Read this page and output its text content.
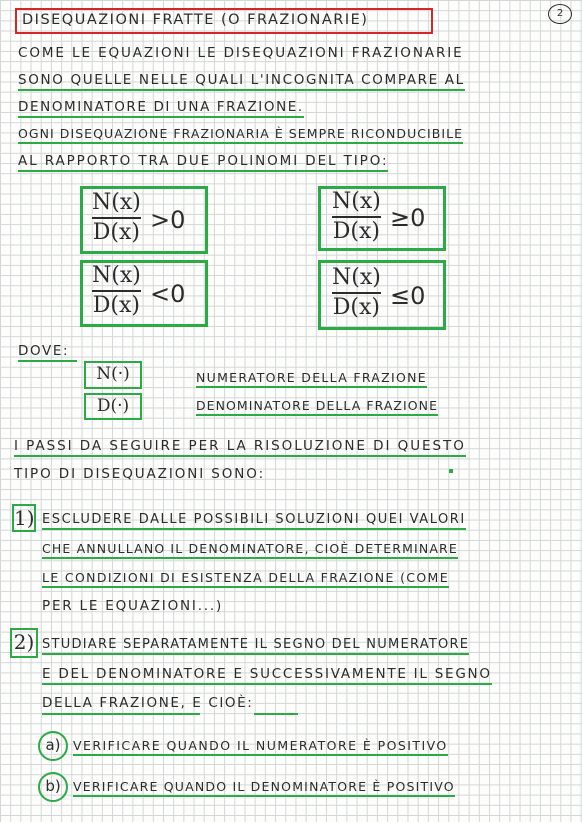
2
DISEQUAZIONI FRATTE (O FRAZIONARIE)
COME LE EQUAZIONI LE DISEQUAZIONI FRAZIONARIE
SONO QUELLE NELLE QUALI L'INCOGNITA COMPARE AL
DENOMINATORE DI UNA FRAZIONE.
OGNI DISEQUAZIONE FRAZIONARIA È SEMPRE RICONDUCIBILE
AL RAPPORTO TRA DUE POLINOMI DEL TIPO:
N(x)
D(x) >0
N(x)
D(x) ≥0
N(x)
D(x) <0
N(x)
D(x) ≤0
DOVE:
N(·)	NUMERATORE DELLA FRAZIONE
D(·)	DENOMINATORE DELLA FRAZIONE
I PASSI DA SEGUIRE PER LA RISOLUZIONE DI QUESTO
TIPO DI DISEQUAZIONI SONO:
1) ESCLUDERE DALLE POSSIBILI SOLUZIONI QUEI VALORI
CHE ANNULLANO IL DENOMINATORE, CIOÈ DETERMINARE
LE CONDIZIONI DI ESISTENZA DELLA FRAZIONE (COME
PER LE EQUAZIONI...)
2) STUDIARE SEPARATAMENTE IL SEGNO DEL NUMERATORE
E DEL DENOMINATORE E SUCCESSIVAMENTE IL SEGNO
DELLA FRAZIONE, E CIOÈ:
a) VERIFICARE QUANDO IL NUMERATORE È POSITIVO
b) VERIFICARE QUANDO IL DENOMINATORE È POSITIVO
